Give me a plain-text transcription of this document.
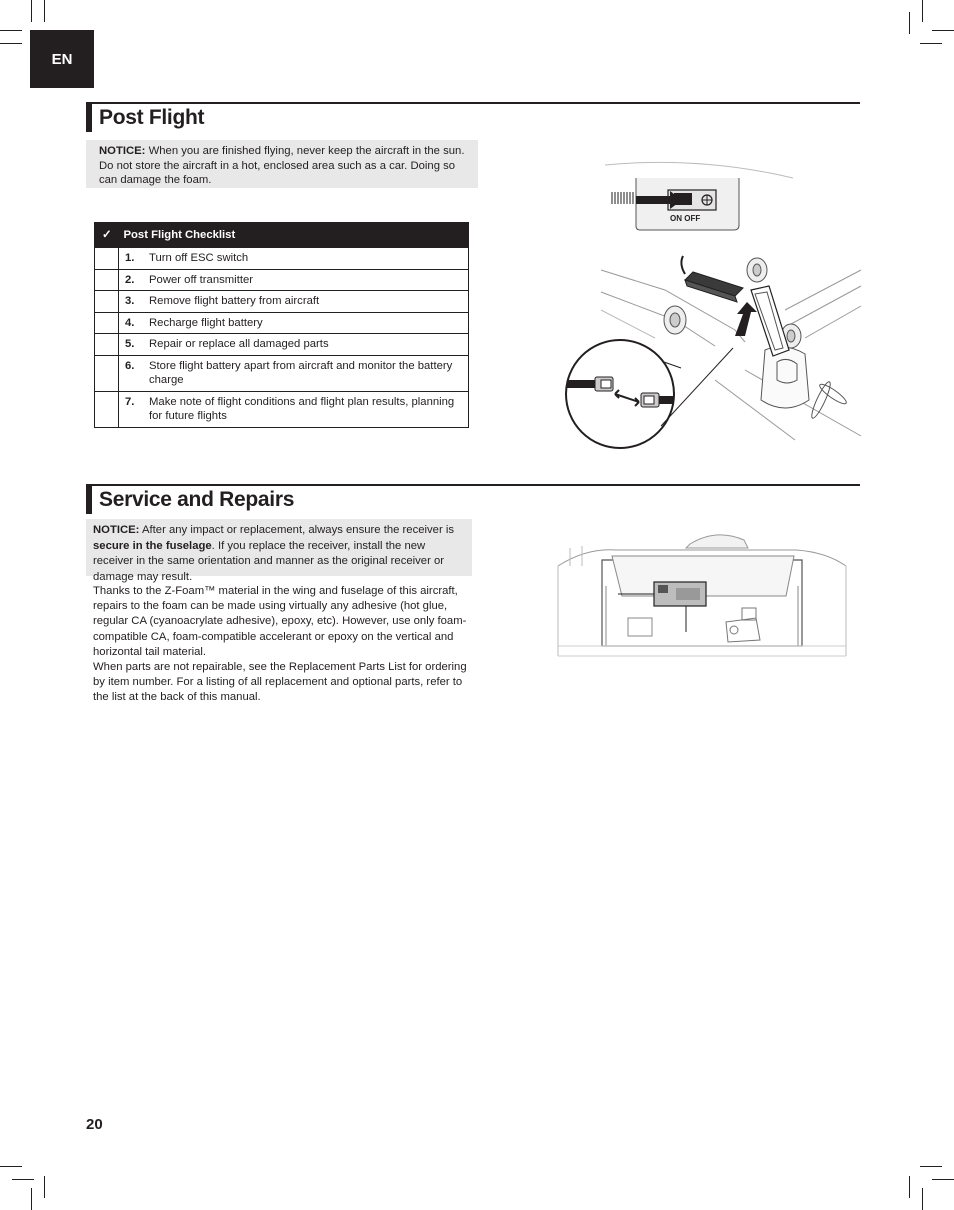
EN
Post Flight
NOTICE: When you are finished flying, never keep the aircraft in the sun. Do not store the aircraft in a hot, enclosed area such as a car. Doing so can damage the foam.
✓	Post Flight Checklist	
	1.	Turn off ESC switch
	2.	Power off transmitter
	3.	Remove flight battery from aircraft
	4.	Recharge flight battery
	5.	Repair or replace all damaged parts
	6.	Store flight battery apart from aircraft and monitor the battery charge
	7.	Make note of flight conditions and flight plan results, planning for future flights
ON OFF
Service and Repairs
NOTICE: After any impact or replacement, always ensure the receiver is secure in the fuselage. If you replace the receiver, install the new receiver in the same orientation and manner as the original receiver or damage may result.

Thanks to the Z-Foam™ material in the wing and fuselage of this aircraft, repairs to the foam can be made using virtually any adhesive (hot glue, regular CA (cyanoacrylate adhesive), epoxy, etc). However, use only foam-compatible CA, foam-compatible accelerant or epoxy on the vertical and horizontal tail material.

When parts are not repairable, see the Replacement Parts List for ordering by item number. For a listing of all replacement and optional parts, refer to the list at the back of this manual.

20
